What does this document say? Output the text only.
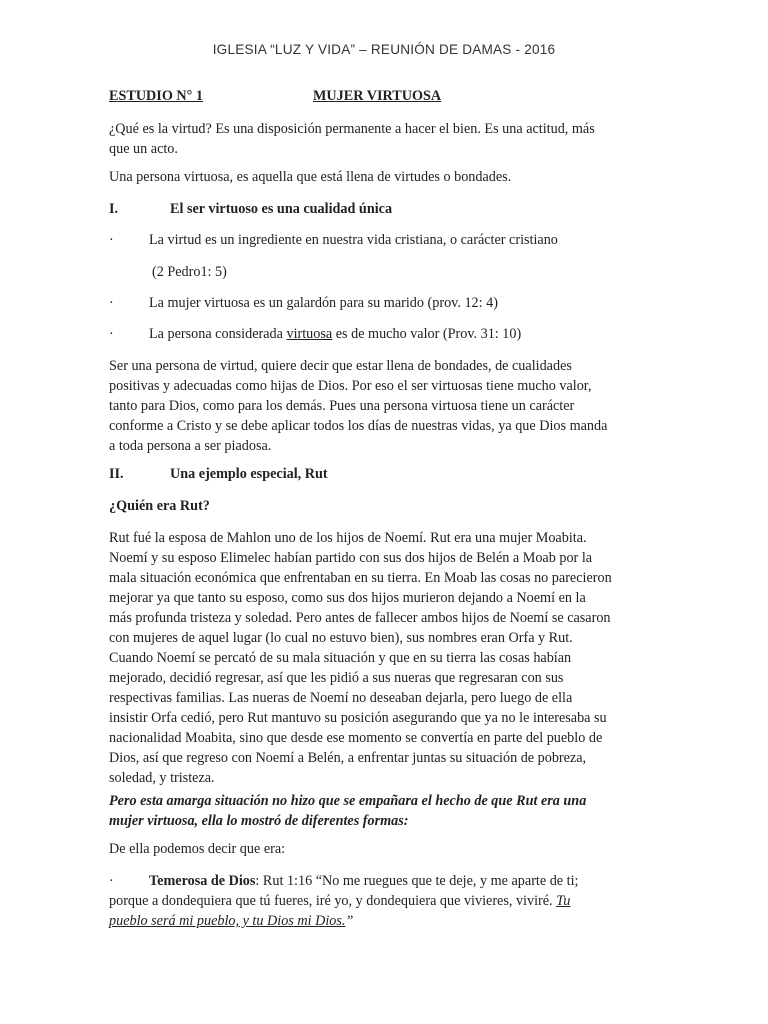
IGLESIA “LUZ Y VIDA” – REUNIÓN DE DAMAS - 2016
ESTUDIO N° 1	MUJER VIRTUOSA
¿Qué es la virtud? Es una disposición permanente a hacer el bien. Es una actitud, más
que un acto.
Una persona virtuosa, es aquella que está llena de virtudes o bondades.
I.	El ser virtuoso es una cualidad única
· La virtud es un ingrediente en nuestra vida cristiana, o carácter cristiano
(2 Pedro1: 5)
· La mujer virtuosa es un galardón para su marido (prov. 12: 4)
· La persona considerada virtuosa es de mucho valor (Prov. 31: 10)
Ser una persona de virtud, quiere decir que estar llena de bondades, de cualidades
positivas y adecuadas como hijas de Dios. Por eso el ser virtuosas tiene mucho valor,
tanto para Dios, como para los demás. Pues una persona virtuosa tiene un carácter
conforme a Cristo y se debe aplicar todos los días de nuestras vidas, ya que Dios manda
a toda persona a ser piadosa.
II.	Una ejemplo especial, Rut
¿Quién era Rut?
Rut fué la esposa de Mahlon uno de los hijos de Noemí. Rut era una mujer Moabita.
Noemí y su esposo Elimelec habían partido con sus dos hijos de Belén a Moab por la
mala situación económica que enfrentaban en su tierra. En Moab las cosas no parecieron
mejorar ya que tanto su esposo, como sus dos hijos murieron dejando a Noemí en la
más profunda tristeza y soledad. Pero antes de fallecer ambos hijos de Noemí se casaron
con mujeres de aquel lugar (lo cual no estuvo bien), sus nombres eran Orfa y Rut.
Cuando Noemí se percató de su mala situación y que en su tierra las cosas habían
mejorado, decidió regresar, así que les pidió a sus nueras que regresaran con sus
respectivas familias. Las nueras de Noemí no deseaban dejarla, pero luego de ella
insistir Orfa cedió, pero Rut mantuvo su posición asegurando que ya no le interesaba su
nacionalidad Moabita, sino que desde ese momento se convertía en parte del pueblo de
Dios, así que regreso con Noemí a Belén, a enfrentar juntas su situación de pobreza,
soledad, y tristeza.
Pero esta amarga situación no hizo que se empañara el hecho de que Rut era una
mujer virtuosa, ella lo mostró de diferentes formas:
De ella podemos decir que era:
· Temerosa de Dios: Rut 1:16 “No me ruegues que te deje, y me aparte de ti;
porque a dondequiera que tú fueres, iré yo, y dondequiera que vivieres, viviré. Tu
pueblo será mi pueblo, y tu Dios mi Dios.”
